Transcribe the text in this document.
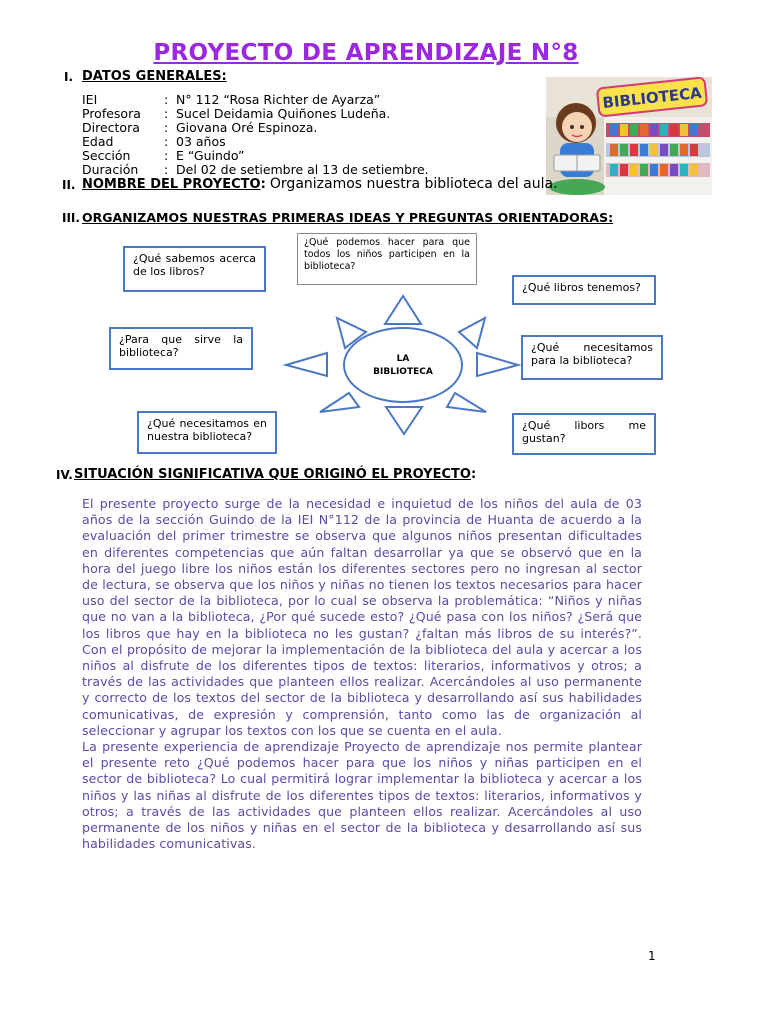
PROYECTO DE APRENDIZAJE N°8
I. DATOS GENERALES:
IEI	: N° 112 “Rosa Richter de Ayarza”
Profesora : Sucel Deidamia Quiñones Ludeña.
Directora : Giovana Oré Espinoza.
Edad	: 03 años
Sección	: E “Guindo”
Duración : Del 02 de setiembre al 13 de setiembre.
BIBLIOTECA
II. NOMBRE DEL PROYECTO: Organizamos nuestra biblioteca del aula.
III. ORGANIZAMOS NUESTRAS PRIMERAS IDEAS Y PREGUNTAS ORIENTADORAS:
LA
BIBLIOTECA
¿Qué sabemos acerca de los libros?
¿Qué podemos hacer para que todos los niños participen en la biblioteca?
¿Qué libros tenemos?
¿Para que sirve la biblioteca?	¿Qué necesitamos para la biblioteca?
¿Qué necesitamos en nuestra biblioteca?
¿Qué libors me gustan?
IV. SITUACIÓN SIGNIFICATIVA QUE ORIGINÓ EL PROYECTO:

El presente proyecto surge de la necesidad e inquietud de los niños del aula de 03 años de la sección Guindo de la IEI N°112 de la provincia de Huanta de acuerdo a la evaluación del primer trimestre se observa que algunos niños presentan dificultades en diferentes competencias que aún faltan desarrollar ya que se observó que en la hora del juego libre los niños están los diferentes sectores pero no ingresan al sector de lectura, se observa que los niños y niñas no tienen los textos necesarios para hacer uso del sector de la biblioteca, por lo cual se observa la problemática: “Niños y niñas que no van a la biblioteca, ¿Por qué sucede esto? ¿Qué pasa con los niños? ¿Será que los libros que hay en la biblioteca no les gustan? ¿faltan más libros de su interés?”. Con el propósito de mejorar la implementación de la biblioteca del aula y acercar a los niños al disfrute de los diferentes tipos de textos: literarios, informativos y otros; a través de las actividades que planteen ellos realizar. Acercándoles al uso permanente y correcto de los textos del sector de la biblioteca y desarrollando así sus habilidades comunicativas, de expresión y comprensión, tanto como las de organización al seleccionar y agrupar los textos con los que se cuenta en el aula.

La presente experiencia de aprendizaje Proyecto de aprendizaje nos permite plantear el presente reto ¿Qué podemos hacer para que los niños y niñas participen en el sector de biblioteca? Lo cual permitirá lograr implementar la biblioteca y acercar a los niños y las niñas al disfrute de los diferentes tipos de textos: literarios, informativos y otros; a través de las actividades que planteen ellos realizar. Acercándoles al uso permanente de los niños y niñas en el sector de la biblioteca y desarrollando así sus habilidades comunicativas.

1
